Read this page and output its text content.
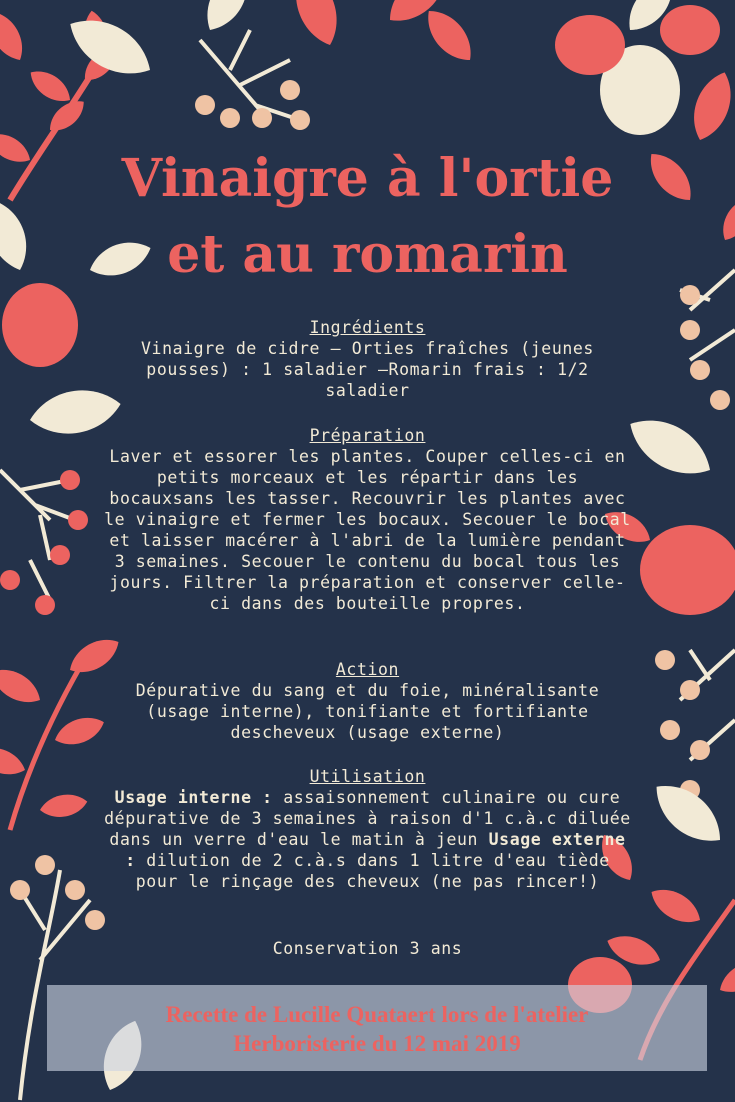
Vinaigre à l'ortie
et au romarin
Ingrédients
Vinaigre de cidre – Orties fraîches (jeunes pousses) : 1 saladier –Romarin frais : 1/2 saladier
Préparation
Laver et essorer les plantes. Couper celles-ci en petits morceaux et les répartir dans les bocauxsans les tasser. Recouvrir les plantes avec le vinaigre et fermer les bocaux. Secouer le bocal et laisser macérer à l'abri de la lumière pendant 3 semaines. Secouer le contenu du bocal tous les jours. Filtrer la préparation et conserver celle-ci dans des bouteille propres.
Action
Dépurative du sang et du foie, minéralisante (usage interne), tonifiante et fortifiante descheveux (usage externe)
Utilisation
Usage interne : assaisonnement culinaire ou cure dépurative de 3 semaines à raison d'1 c.à.c diluée dans un verre d'eau le matin à jeun Usage externe : dilution de 2 c.à.s dans 1 litre d'eau tiède pour le rinçage des cheveux (ne pas rincer!)
Conservation 3 ans
Recette de Lucille Quataert lors de l'atelier
Herboristerie du 12 mai 2019
